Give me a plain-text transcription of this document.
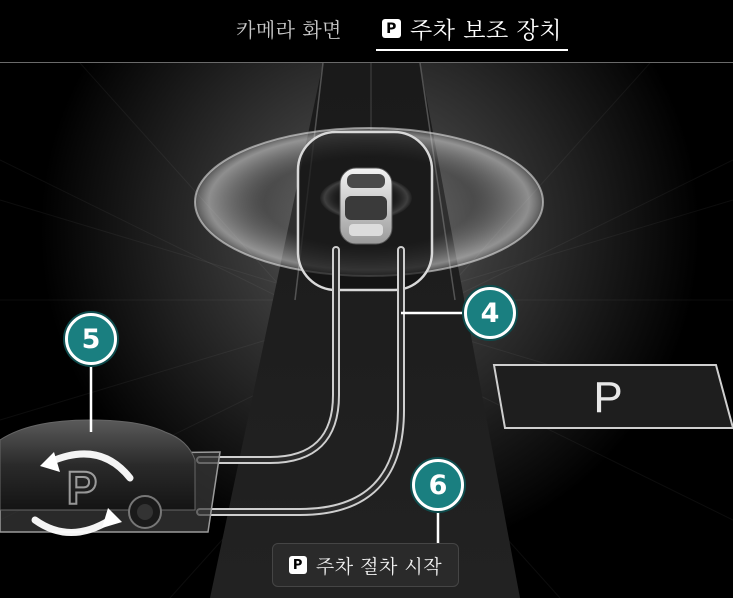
카메라 화면	P 주차 보조 장치
P
P
4
5
6
P 주차 절차 시작
